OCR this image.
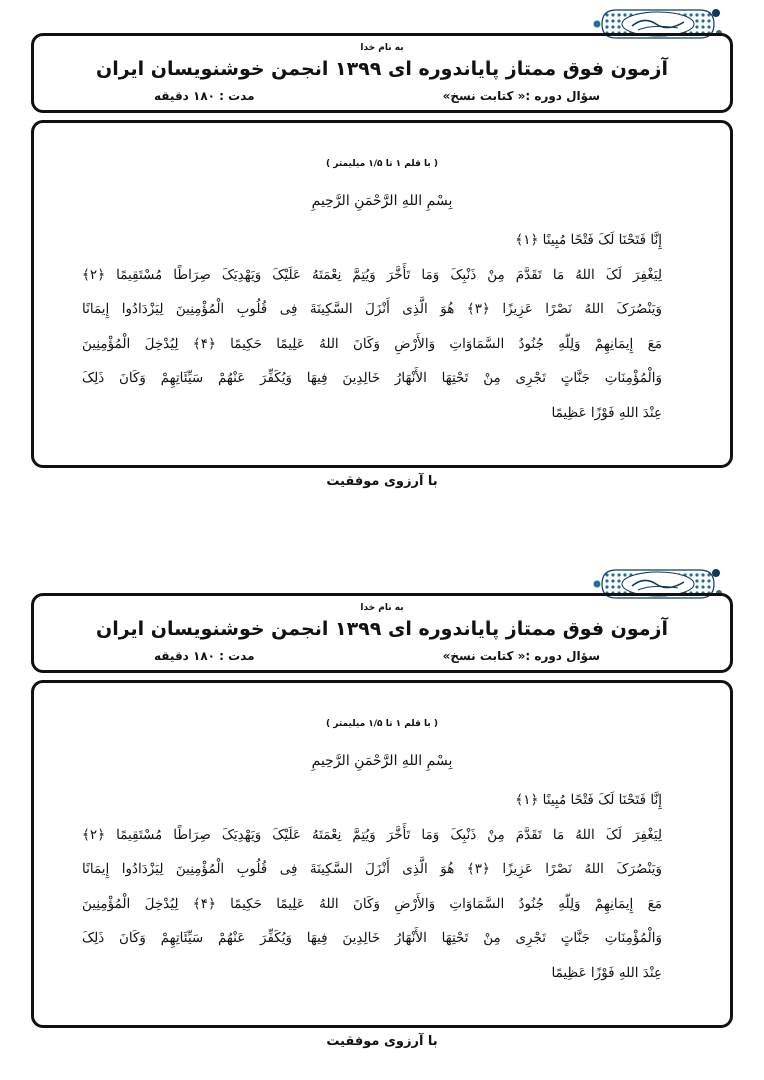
به نام خدا
آزمون فوق ممتاز پایاندوره ای ۱۳۹۹ انجمن خوشنویسان ایران
سؤال دوره :« کتابت نسخ»
مدت : ۱۸۰ دقیقه
( با قلم ۱ تا ۱/۵ میلیمتر )
بِسْمِ اللهِ الرَّحْمَنِ الرَّحِیمِ
إِنَّا فَتَحْنَا لَکَ فَتْحًا مُبِینًا ﴿۱﴾
لِیَغْفِرَ لَکَ اللهُ مَا تَقَدَّمَ مِنْ ذَنْبِکَ وَمَا تَأَخَّرَ وَیُتِمَّ نِعْمَتَهُ عَلَیْکَ وَیَهْدِیَکَ صِرَاطًا مُسْتَقِیمًا ﴿۲﴾
وَیَنْصُرَکَ اللهُ نَصْرًا عَزِیزًا ﴿۳﴾ هُوَ الَّذِی أَنْزَلَ السَّکِینَةَ فِی قُلُوبِ الْمُؤْمِنِینَ لِیَزْدَادُوا إِیمَانًا
مَعَ إِیمَانِهِمْ وَلِلّهِ جُنُودُ السَّمَاوَاتِ وَالأَرْضِ وَکَانَ اللهُ عَلِیمًا حَکِیمًا ﴿۴﴾ لِیُدْخِلَ الْمُؤْمِنِینَ
وَالْمُؤْمِنَاتِ جَنَّاتٍ تَجْرِی مِنْ تَحْتِهَا الأَنْهَارُ خَالِدِینَ فِیهَا وَیُکَفِّرَ عَنْهُمْ سَیِّئَاتِهِمْ وَکَانَ ذَلِکَ
عِنْدَ اللهِ فَوْزًا عَظِیمًا
با آرزوی موفقیت
به نام خدا
آزمون فوق ممتاز پایاندوره ای ۱۳۹۹ انجمن خوشنویسان ایران
سؤال دوره :« کتابت نسخ»
مدت : ۱۸۰ دقیقه
( با قلم ۱ تا ۱/۵ میلیمتر )
بِسْمِ اللهِ الرَّحْمَنِ الرَّحِیمِ
إِنَّا فَتَحْنَا لَکَ فَتْحًا مُبِینًا ﴿۱﴾
لِیَغْفِرَ لَکَ اللهُ مَا تَقَدَّمَ مِنْ ذَنْبِکَ وَمَا تَأَخَّرَ وَیُتِمَّ نِعْمَتَهُ عَلَیْکَ وَیَهْدِیَکَ صِرَاطًا مُسْتَقِیمًا ﴿۲﴾
وَیَنْصُرَکَ اللهُ نَصْرًا عَزِیزًا ﴿۳﴾ هُوَ الَّذِی أَنْزَلَ السَّکِینَةَ فِی قُلُوبِ الْمُؤْمِنِینَ لِیَزْدَادُوا إِیمَانًا
مَعَ إِیمَانِهِمْ وَلِلّهِ جُنُودُ السَّمَاوَاتِ وَالأَرْضِ وَکَانَ اللهُ عَلِیمًا حَکِیمًا ﴿۴﴾ لِیُدْخِلَ الْمُؤْمِنِینَ
وَالْمُؤْمِنَاتِ جَنَّاتٍ تَجْرِی مِنْ تَحْتِهَا الأَنْهَارُ خَالِدِینَ فِیهَا وَیُکَفِّرَ عَنْهُمْ سَیِّئَاتِهِمْ وَکَانَ ذَلِکَ
عِنْدَ اللهِ فَوْزًا عَظِیمًا
با آرزوی موفقیت
